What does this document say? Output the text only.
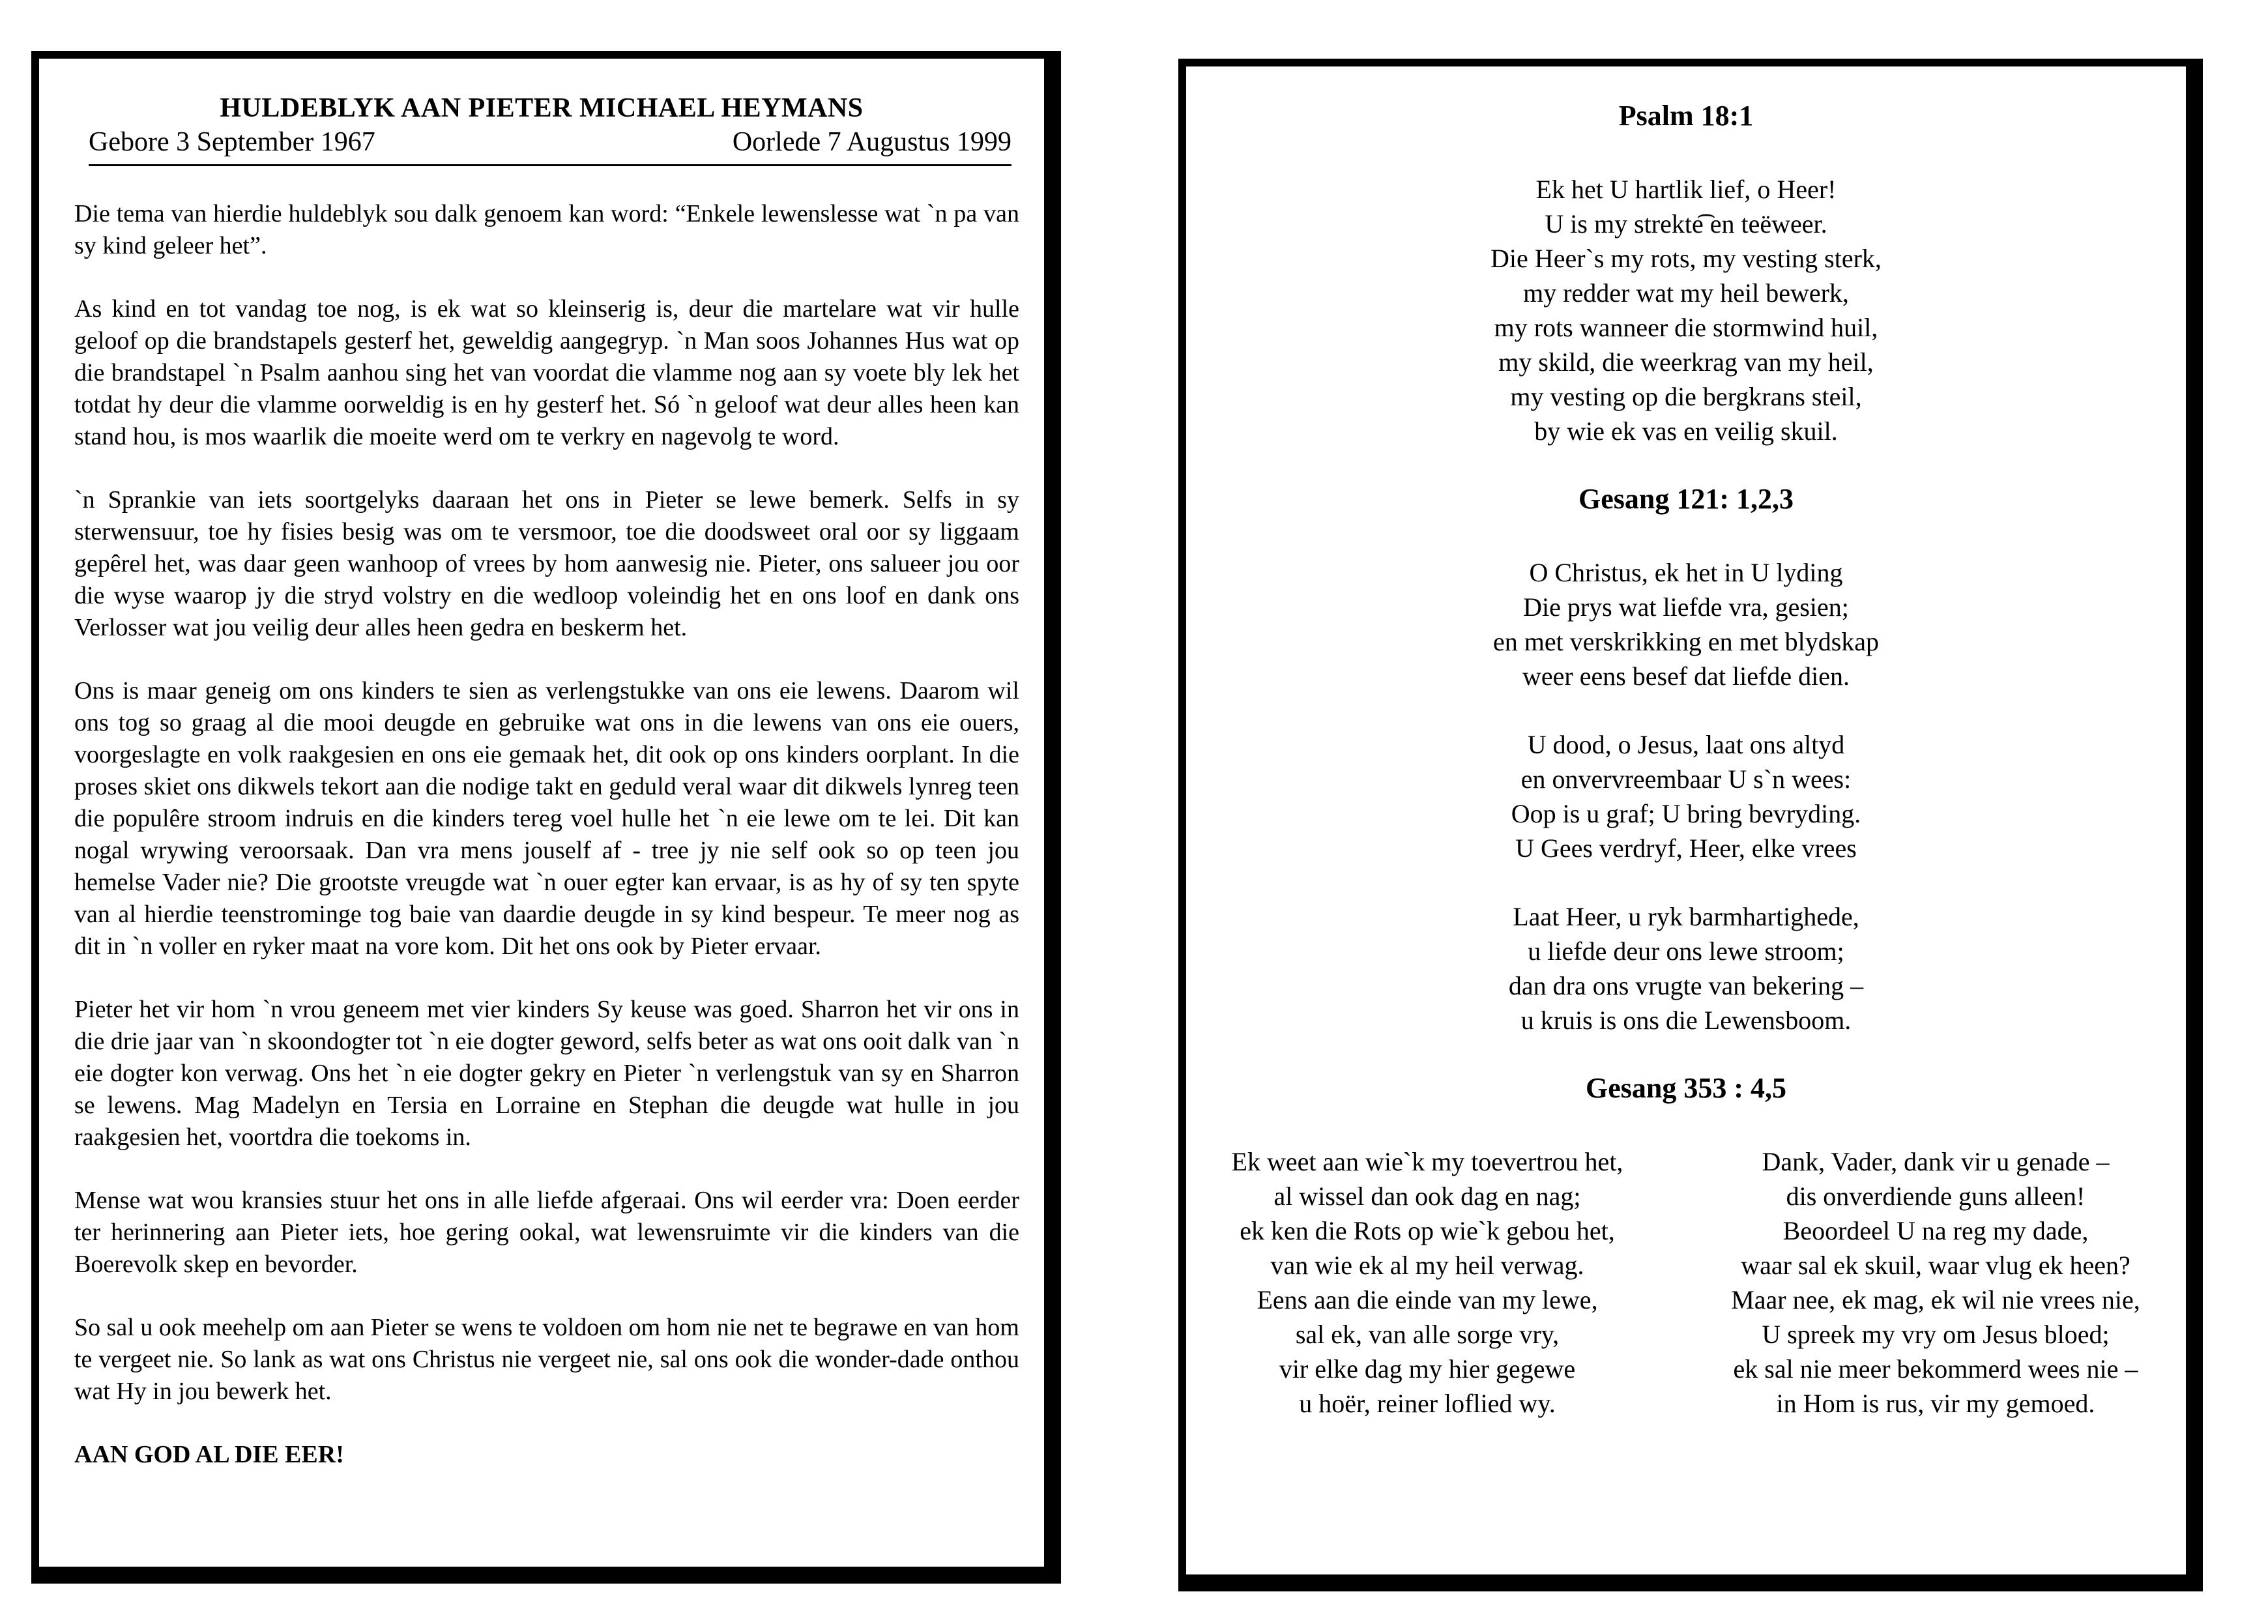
HULDEBLYK AAN PIETER MICHAEL HEYMANS
Gebore 3 September 1967	Oorlede 7 Augustus 1999

Die tema van hierdie huldeblyk sou dalk genoem kan word: “Enkele lewenslesse wat `n pa van sy kind geleer het”.

As kind en tot vandag toe nog, is ek wat so kleinserig is, deur die martelare wat vir hulle geloof op die brandstapels gesterf het, geweldig aangegryp. `n Man soos Johannes Hus wat op die brandstapel `n Psalm aanhou sing het van voordat die vlamme nog aan sy voete bly lek het totdat hy deur die vlamme oorweldig is en hy gesterf het. Só `n geloof wat deur alles heen kan stand hou, is mos waarlik die moeite werd om te verkry en nagevolg te word.

`n Sprankie van iets soortgelyks daaraan het ons in Pieter se lewe bemerk. Selfs in sy sterwensuur, toe hy fisies besig was om te versmoor, toe die doodsweet oral oor sy liggaam gepêrel het, was daar geen wanhoop of vrees by hom aanwesig nie. Pieter, ons salueer jou oor die wyse waarop jy die stryd volstry en die wedloop voleindig het en ons loof en dank ons Verlosser wat jou veilig deur alles heen gedra en beskerm het.

Ons is maar geneig om ons kinders te sien as verlengstukke van ons eie lewens. Daarom wil ons tog so graag al die mooi deugde en gebruike wat ons in die lewens van ons eie ouers, voorgeslagte en volk raakgesien en ons eie gemaak het, dit ook op ons kinders oorplant. In die proses skiet ons dikwels tekort aan die nodige takt en geduld veral waar dit dikwels lynreg teen die populêre stroom indruis en die kinders tereg voel hulle het `n eie lewe om te lei. Dit kan nogal wrywing veroorsaak. Dan vra mens jouself af - tree jy nie self ook so op teen jou hemelse Vader nie? Die grootste vreugde wat `n ouer egter kan ervaar, is as hy of sy ten spyte van al hierdie teenstrominge tog baie van daardie deugde in sy kind bespeur. Te meer nog as dit in `n voller en ryker maat na vore kom. Dit het ons ook by Pieter ervaar.

Pieter het vir hom `n vrou geneem met vier kinders Sy keuse was goed. Sharron het vir ons in die drie jaar van `n skoondogter tot `n eie dogter geword, selfs beter as wat ons ooit dalk van `n eie dogter kon verwag. Ons het `n eie dogter gekry en Pieter `n verlengstuk van sy en Sharron se lewens. Mag Madelyn en Tersia en Lorraine en Stephan die deugde wat hulle in jou raakgesien het, voortdra die toekoms in.

Mense wat wou kransies stuur het ons in alle liefde afgeraai. Ons wil eerder vra: Doen eerder ter herinnering aan Pieter iets, hoe gering ookal, wat lewensruimte vir die kinders van die Boerevolk skep en bevorder.

So sal u ook meehelp om aan Pieter se wens te voldoen om hom nie net te begrawe en van hom te vergeet nie. So lank as wat ons Christus nie vergeet nie, sal ons ook die wonder-dade onthou wat Hy in jou bewerk het.

AAN GOD AL DIE EER!

Psalm 18:1
Ek het U hartlik lief, o Heer!
U is my strekte͡ en teëweer.
Die Heer`s my rots, my vesting sterk,
my redder wat my heil bewerk,
my rots wanneer die stormwind huil,
my skild, die weerkrag van my heil,
my vesting op die bergkrans steil,
by wie ek vas en veilig skuil.
Gesang 121: 1,2,3
O Christus, ek het in U lyding
Die prys wat liefde vra, gesien;
en met verskrikking en met blydskap
weer eens besef dat liefde dien.
U dood, o Jesus, laat ons altyd
en onvervreembaar U s`n wees:
Oop is u graf; U bring bevryding.
U Gees verdryf, Heer, elke vrees
Laat Heer, u ryk barmhartighede,
u liefde deur ons lewe stroom;
dan dra ons vrugte van bekering –
u kruis is ons die Lewensboom.
Gesang 353 : 4,5
Ek weet aan wie`k my toevertrou het,
al wissel dan ook dag en nag;
ek ken die Rots op wie`k gebou het,
van wie ek al my heil verwag.
Eens aan die einde van my lewe,
sal ek, van alle sorge vry,
vir elke dag my hier gegewe
u hoër, reiner loflied wy.
Dank, Vader, dank vir u genade –
dis onverdiende guns alleen!
Beoordeel U na reg my dade,
waar sal ek skuil, waar vlug ek heen?
Maar nee, ek mag, ek wil nie vrees nie,
U spreek my vry om Jesus bloed;
ek sal nie meer bekommerd wees nie –
in Hom is rus, vir my gemoed.
